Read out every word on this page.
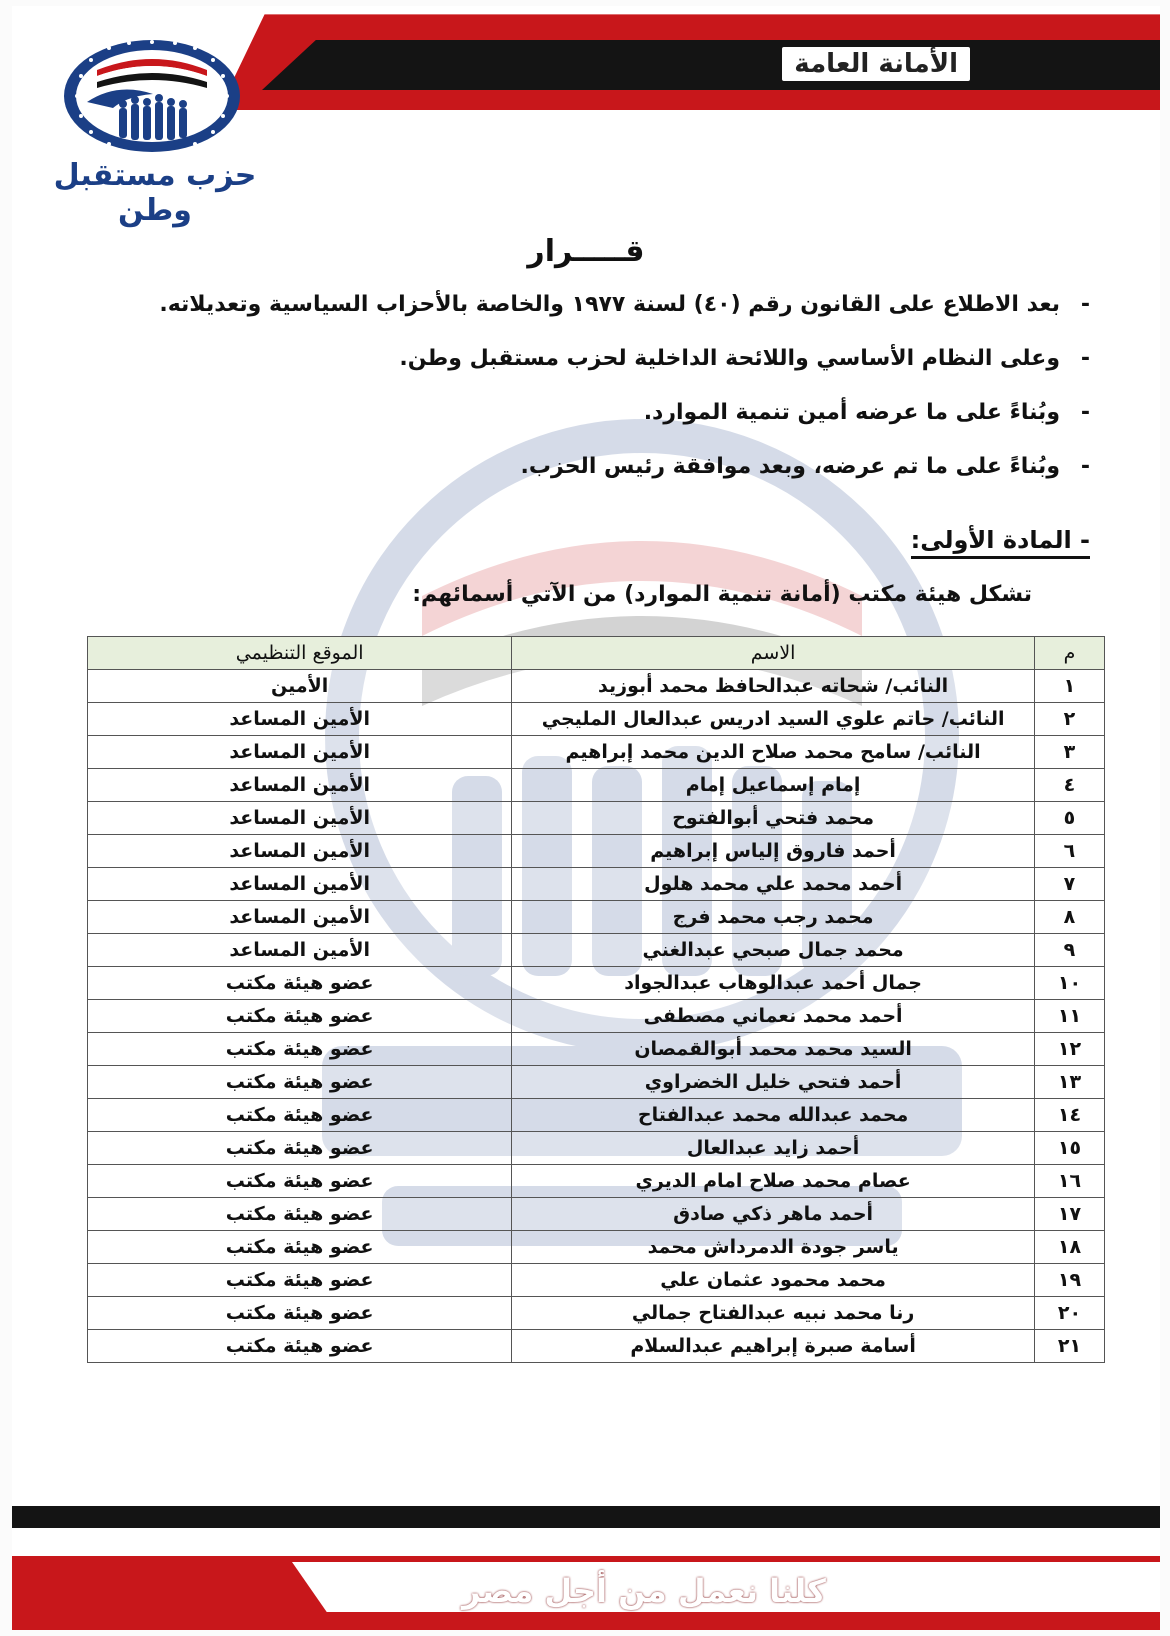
الأمانة العامة
حزب مستقبل وطن
قـــــرار
-بعد الاطلاع على القانون رقم (٤٠) لسنة ١٩٧٧ والخاصة بالأحزاب السياسية وتعديلاته.
-وعلى النظام الأساسي واللائحة الداخلية لحزب مستقبل وطن.
-وبُناءً على ما عرضه أمين تنمية الموارد.
-وبُناءً على ما تم عرضه، وبعد موافقة رئيس الحزب.
- المادة الأولى:
تشكل هيئة مكتب (أمانة تنمية الموارد) من الآتي أسمائهم:
م	الاسم	الموقع التنظيمي
١	النائب/ شحاته عبدالحافظ محمد أبوزيد	الأمين
٢	النائب/ حاتم علوي السيد ادريس عبدالعال المليجي	الأمين المساعد
٣	النائب/ سامح محمد صلاح الدين محمد إبراهيم	الأمين المساعد
٤	إمام إسماعيل إمام	الأمين المساعد
٥	محمد فتحي أبوالفتوح	الأمين المساعد
٦	أحمد فاروق إلياس إبراهيم	الأمين المساعد
٧	أحمد محمد علي محمد هلول	الأمين المساعد
٨	محمد رجب محمد فرج	الأمين المساعد
٩	محمد جمال صبحي عبدالغني	الأمين المساعد
١٠	جمال أحمد عبدالوهاب عبدالجواد	عضو هيئة مكتب
١١	أحمد محمد نعماني مصطفى	عضو هيئة مكتب
١٢	السيد محمد محمد أبوالقمصان	عضو هيئة مكتب
١٣	أحمد فتحي خليل الخضراوي	عضو هيئة مكتب
١٤	محمد عبدالله محمد عبدالفتاح	عضو هيئة مكتب
١٥	أحمد زايد عبدالعال	عضو هيئة مكتب
١٦	عصام محمد صلاح امام الديري	عضو هيئة مكتب
١٧	أحمد ماهر ذكي صادق	عضو هيئة مكتب
١٨	ياسر جودة الدمرداش محمد	عضو هيئة مكتب
١٩	محمد محمود عثمان علي	عضو هيئة مكتب
٢٠	رنا محمد نبيه عبدالفتاح جمالي	عضو هيئة مكتب
٢١	أسامة صبرة إبراهيم عبدالسلام	عضو هيئة مكتب
كلنا نعمل من أجل مصر
